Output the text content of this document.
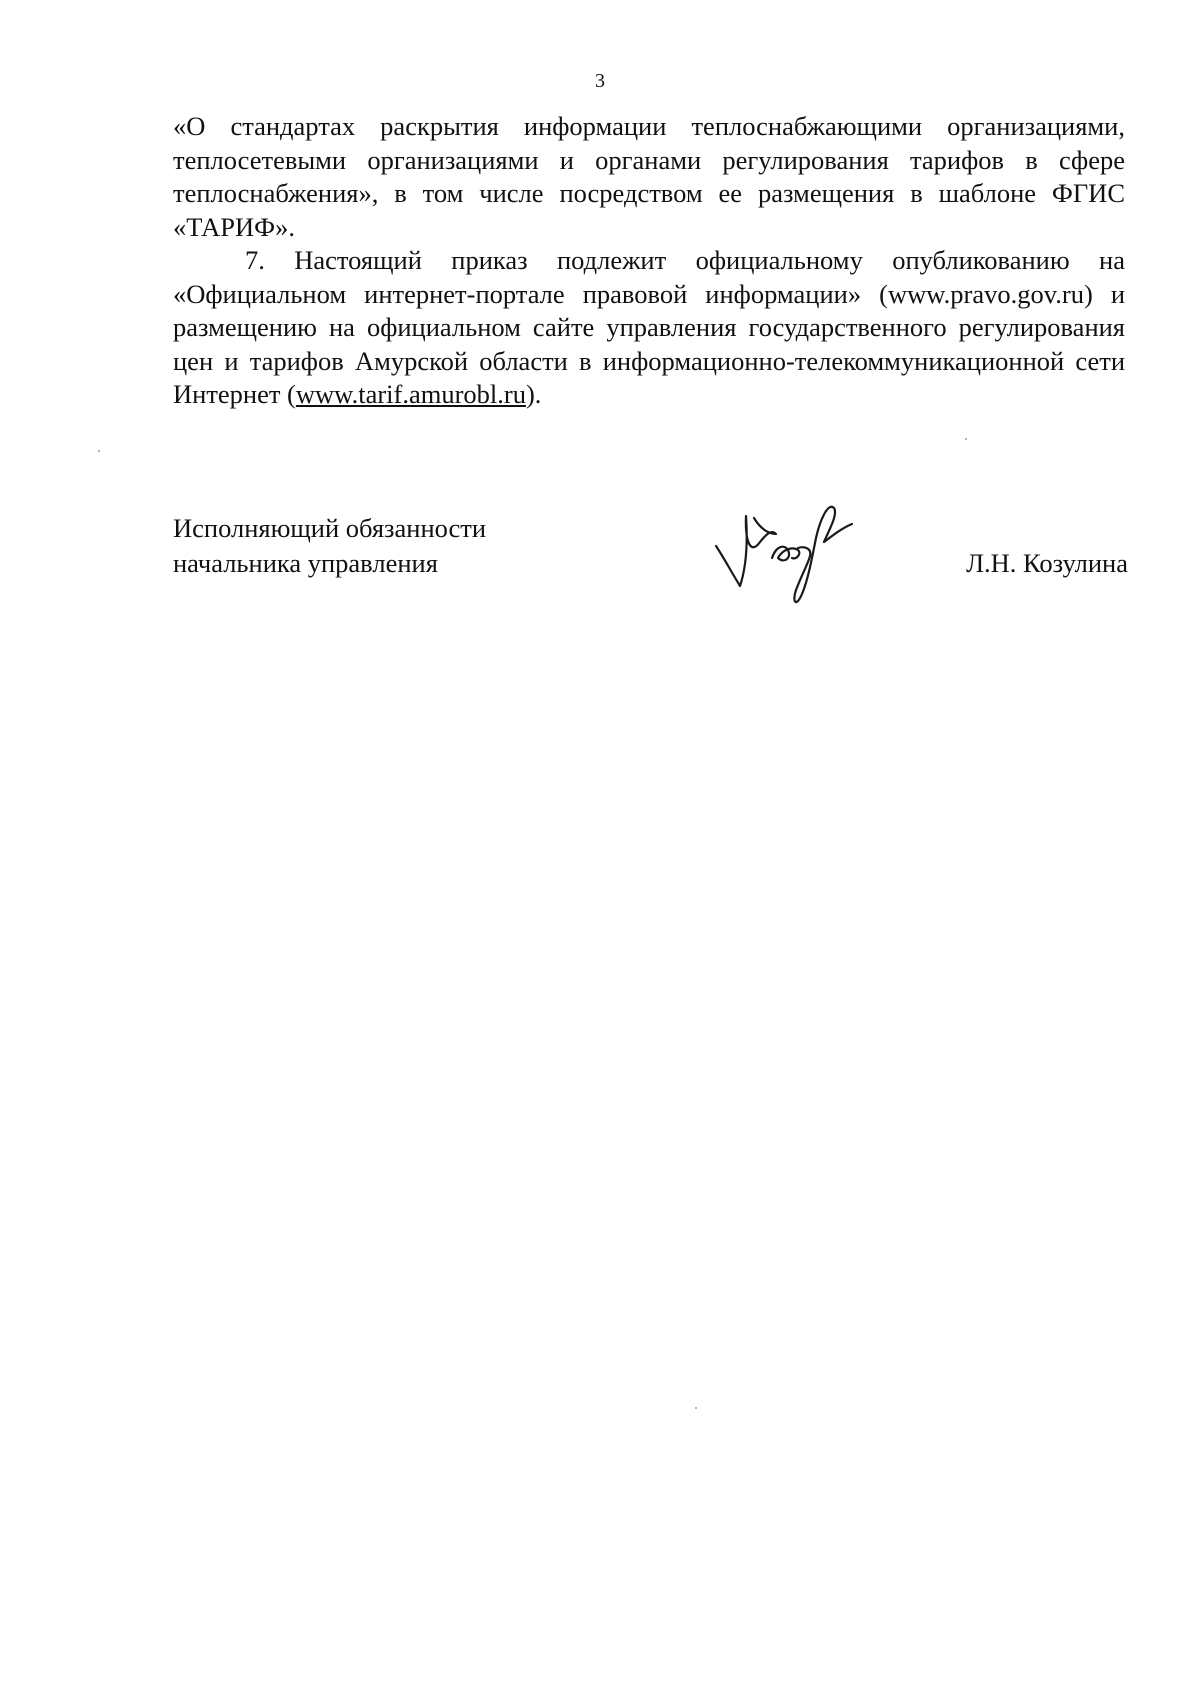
3

«О стандартах раскрытия информации теплоснабжающими организациями, теплосетевыми организациями и органами регулирования тарифов в сфере теплоснабжения», в том числе посредством ее размещения в шаблоне ФГИС «ТАРИФ».

7. Настоящий приказ подлежит официальному опубликованию на «Официальном интернет-портале правовой информации» (www.pravo.gov.ru) и размещению на официальном сайте управления государственного регулирования цен и тарифов Амурской области в информационно-телекоммуникационной сети Интернет (www.tarif.amurobl.ru).

Исполняющий обязанности
начальника управления	Л.Н. Козулина
